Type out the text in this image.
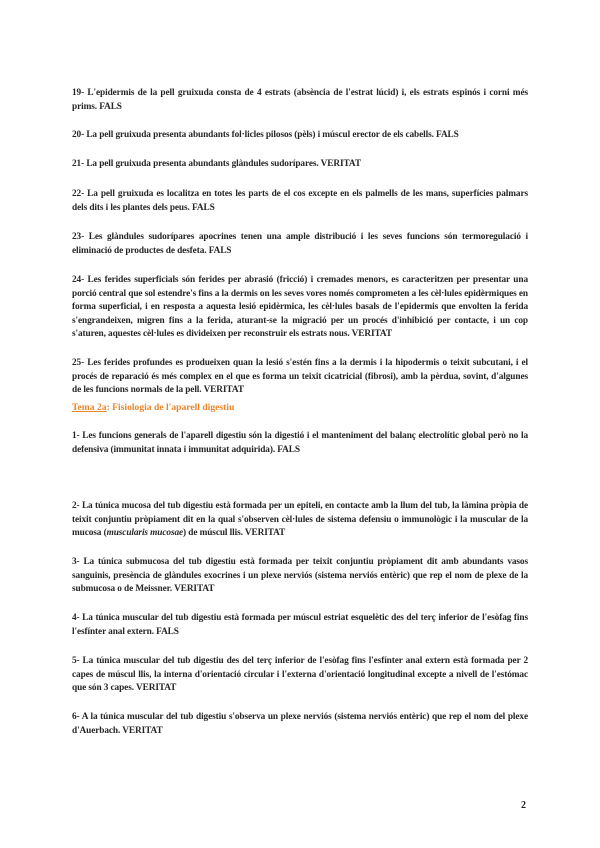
19- L'epidermis de la pell gruixuda consta de 4 estrats (absència de l'estrat lúcid) i, els estrats espinós i corni més prims. FALS

20- La pell gruixuda presenta abundants fol·licles pilosos (pèls) i múscul erector de els cabells. FALS

21- La pell gruixuda presenta abundants glàndules sudorípares. VERITAT

22- La pell gruixuda es localitza en totes les parts de el cos excepte en els palmells de les mans, superfícies palmars dels dits i les plantes dels peus. FALS

23- Les glàndules sudorípares apocrines tenen una ample distribució i les seves funcions són termoregulació i eliminació de productes de desfeta. FALS

24- Les ferides superficials són ferides per abrasió (fricció) i cremades menors, es caracteritzen per presentar una porció central que sol estendre's fins a la dermis on les seves vores només comprometen a les cèl·lules epidèrmiques en forma superficial, i en resposta a aquesta lesió epidèrmica, les cèl·lules basals de l'epidermis que envolten la ferida s'engrandeixen, migren fins a la ferida, aturant-se la migració per un procés d'inhibició per contacte, i un cop s'aturen, aquestes cèl·lules es divideixen per reconstruir els estrats nous. VERITAT

25- Les ferides profundes es produeixen quan la lesió s'estén fins a la dermis i la hipodermis o teixit subcutani, i el procés de reparació és més complex en el que es forma un teixit cicatricial (fibrosi), amb la pèrdua, sovint, d'algunes de les funcions normals de la pell. VERITAT

Tema 2a: Fisiologia de l'aparell digestiu

1- Les funcions generals de l'aparell digestiu són la digestió i el manteniment del balanç electrolític global però no la defensiva (immunitat innata i immunitat adquirida). FALS

2- La túnica mucosa del tub digestiu està formada per un epiteli, en contacte amb la llum del tub, la làmina pròpia de teixit conjuntiu pròpiament dit en la qual s'observen cèl·lules de sistema defensiu o immunològic i la muscular de la mucosa (muscularis mucosae) de múscul llis. VERITAT

3- La túnica submucosa del tub digestiu està formada per teixit conjuntiu pròpiament dit amb abundants vasos sanguinis, presència de glàndules exocrines i un plexe nerviós (sistema nerviós entèric) que rep el nom de plexe de la submucosa o de Meissner. VERITAT

4- La túnica muscular del tub digestiu està formada per múscul estriat esquelètic des del terç inferior de l'esòfag fins l'esfínter anal extern. FALS

5- La túnica muscular del tub digestiu des del terç inferior de l'esòfag fins l'esfínter anal extern està formada per 2 capes de múscul llis, la interna d'orientació circular i l'externa d'orientació longitudinal excepte a nivell de l'estómac que són 3 capes. VERITAT

6- A la túnica muscular del tub digestiu s'observa un plexe nerviós (sistema nerviós entèric) que rep el nom del plexe d'Auerbach. VERITAT

2
